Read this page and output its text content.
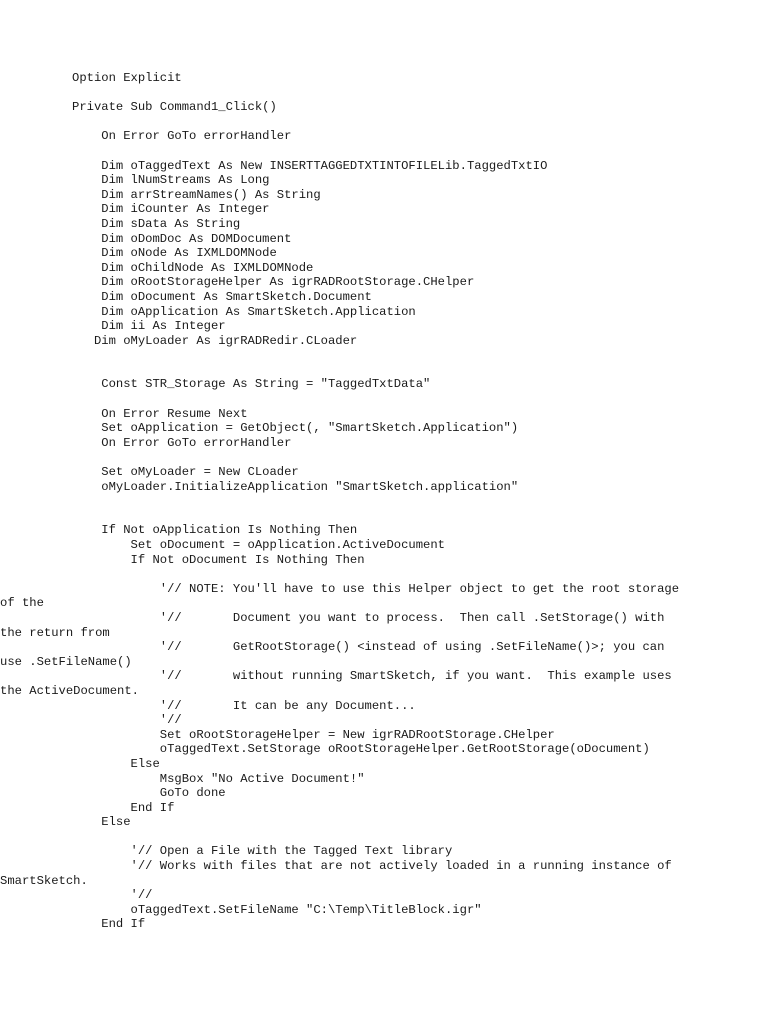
Option Explicit
Private Sub Command1_Click()
On Error GoTo errorHandler
Dim oTaggedText As New INSERTTAGGEDTXTINTOFILELib.TaggedTxtIO
Dim lNumStreams As Long
Dim arrStreamNames() As String
Dim iCounter As Integer
Dim sData As String
Dim oDomDoc As DOMDocument
Dim oNode As IXMLDOMNode
Dim oChildNode As IXMLDOMNode
Dim oRootStorageHelper As igrRADRootStorage.CHelper
Dim oDocument As SmartSketch.Document
Dim oApplication As SmartSketch.Application
Dim ii As Integer
Dim oMyLoader As igrRADRedir.CLoader
Const STR_Storage As String = "TaggedTxtData"
On Error Resume Next
Set oApplication = GetObject(, "SmartSketch.Application")
On Error GoTo errorHandler
Set oMyLoader = New CLoader
oMyLoader.InitializeApplication "SmartSketch.application"
If Not oApplication Is Nothing Then
Set oDocument = oApplication.ActiveDocument
If Not oDocument Is Nothing Then
'// NOTE: You'll have to use this Helper object to get the root storage
of the
'//       Document you want to process.  Then call .SetStorage() with
the return from
'//       GetRootStorage() <instead of using .SetFileName()>; you can
use .SetFileName()
'//       without running SmartSketch, if you want.  This example uses
the ActiveDocument.
'//       It can be any Document...
'//
Set oRootStorageHelper = New igrRADRootStorage.CHelper
oTaggedText.SetStorage oRootStorageHelper.GetRootStorage(oDocument)
Else
MsgBox "No Active Document!"
GoTo done
End If
Else
'// Open a File with the Tagged Text library
'// Works with files that are not actively loaded in a running instance of
SmartSketch.
'//
oTaggedText.SetFileName "C:\Temp\TitleBlock.igr"
End If
